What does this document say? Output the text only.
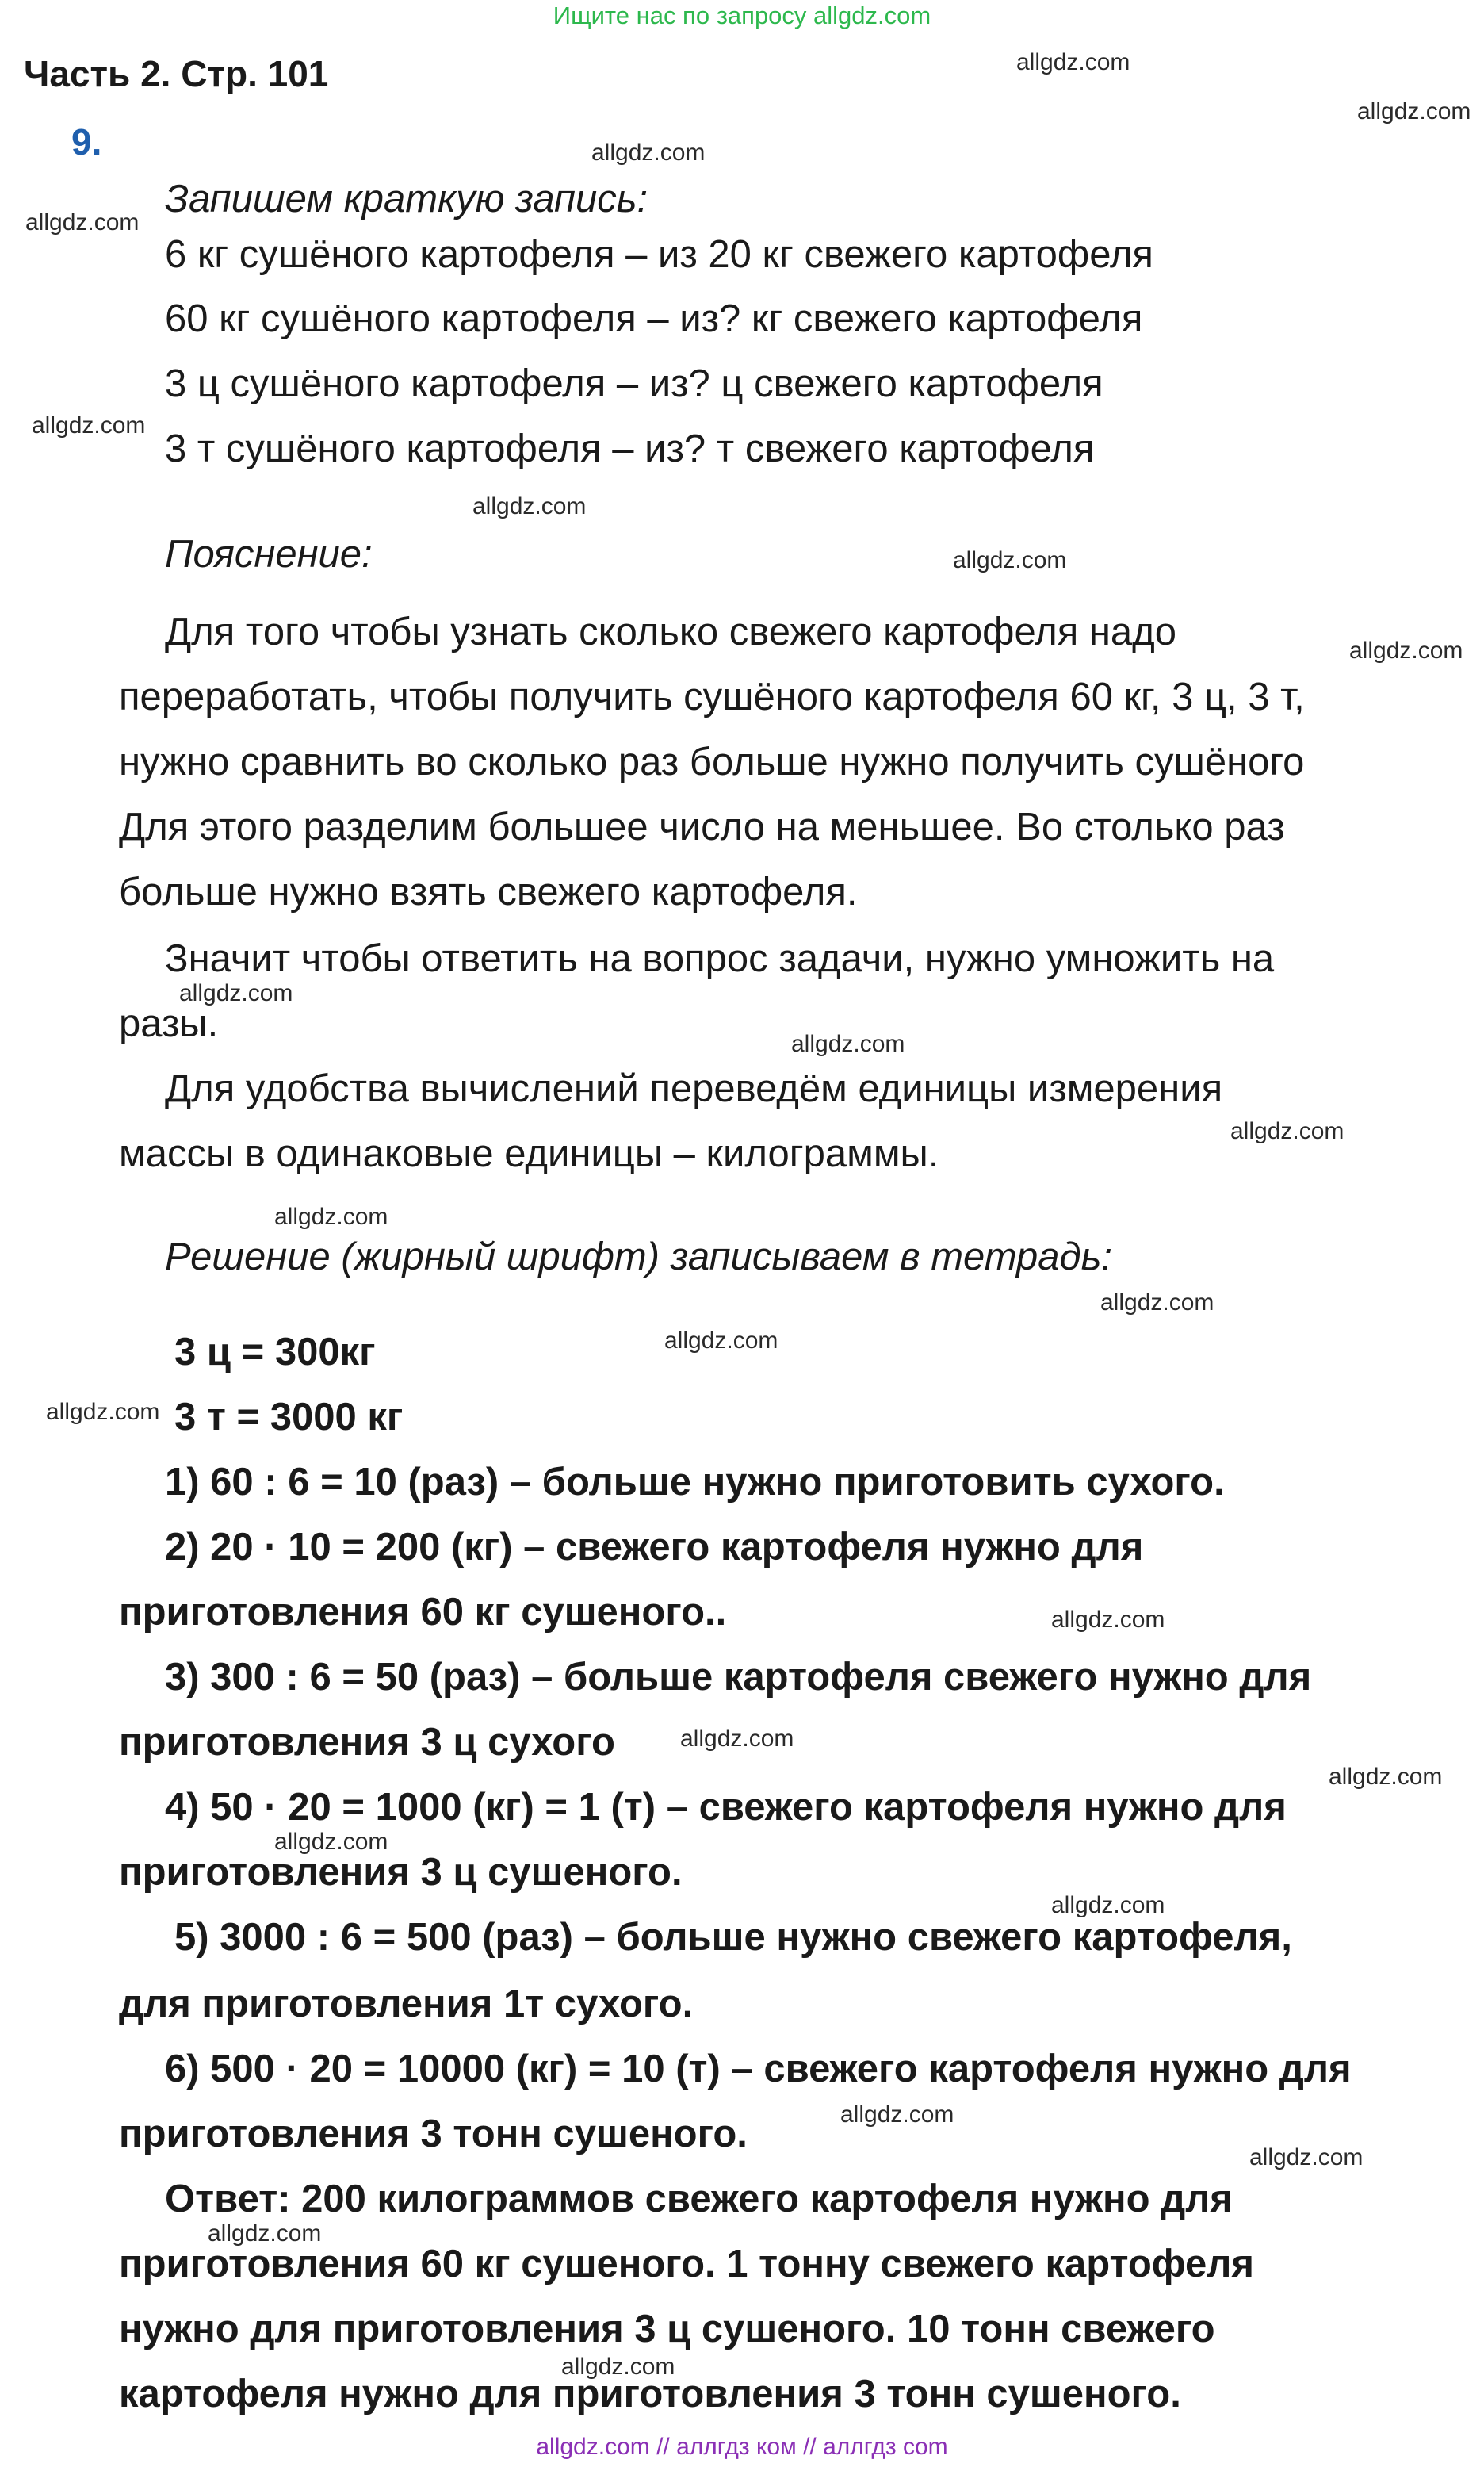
Ищите нас по запросу allgdz.com
Часть 2. Стр. 101
9.
Запишем краткую запись:
6 кг сушёного картофеля – из 20 кг свежего картофеля
60 кг сушёного картофеля – из? кг свежего картофеля
3 ц сушёного картофеля – из? ц свежего картофеля
3 т сушёного картофеля – из? т свежего картофеля
Пояснение:
Для того чтобы узнать сколько свежего картофеля надо
переработать, чтобы получить сушёного картофеля 60 кг, 3 ц, 3 т,
нужно сравнить во сколько раз больше нужно получить сушёного
Для этого разделим большее число на меньшее. Во столько раз
больше нужно взять свежего картофеля.
Значит чтобы ответить на вопрос задачи, нужно умножить на
разы.
Для удобства вычислений переведём единицы измерения
массы в одинаковые единицы – килограммы.
Решение (жирный шрифт) записываем в тетрадь:
3 ц = 300кг
3 т = 3000 кг
1) 60 : 6 = 10 (раз) – больше нужно приготовить сухого.
2) 20 · 10 = 200 (кг) – свежего картофеля нужно для
приготовления 60 кг сушеного..
3) 300 : 6 = 50 (раз) – больше картофеля свежего нужно для
приготовления 3 ц сухого
4) 50 · 20 = 1000 (кг) = 1 (т) – свежего картофеля нужно для
приготовления 3 ц сушеного.
5) 3000 : 6 = 500 (раз) – больше нужно свежего картофеля,
для приготовления 1т сухого.
6) 500 · 20 = 10000 (кг) = 10 (т) – свежего картофеля нужно для
приготовления 3 тонн сушеного.
Ответ: 200 килограммов свежего картофеля нужно для
приготовления 60 кг сушеного. 1 тонну свежего картофеля
нужно для приготовления 3 ц сушеного. 10 тонн свежего
картофеля нужно для приготовления 3 тонн сушеного.
allgdz.com
allgdz.com
allgdz.com
allgdz.com
allgdz.com
allgdz.com
allgdz.com
allgdz.com
allgdz.com
allgdz.com
allgdz.com
allgdz.com
allgdz.com
allgdz.com
allgdz.com
allgdz.com
allgdz.com
allgdz.com
allgdz.com
allgdz.com
allgdz.com
allgdz.com
allgdz.com
allgdz.com
allgdz.com // аллгдз ком // аллгдз com
